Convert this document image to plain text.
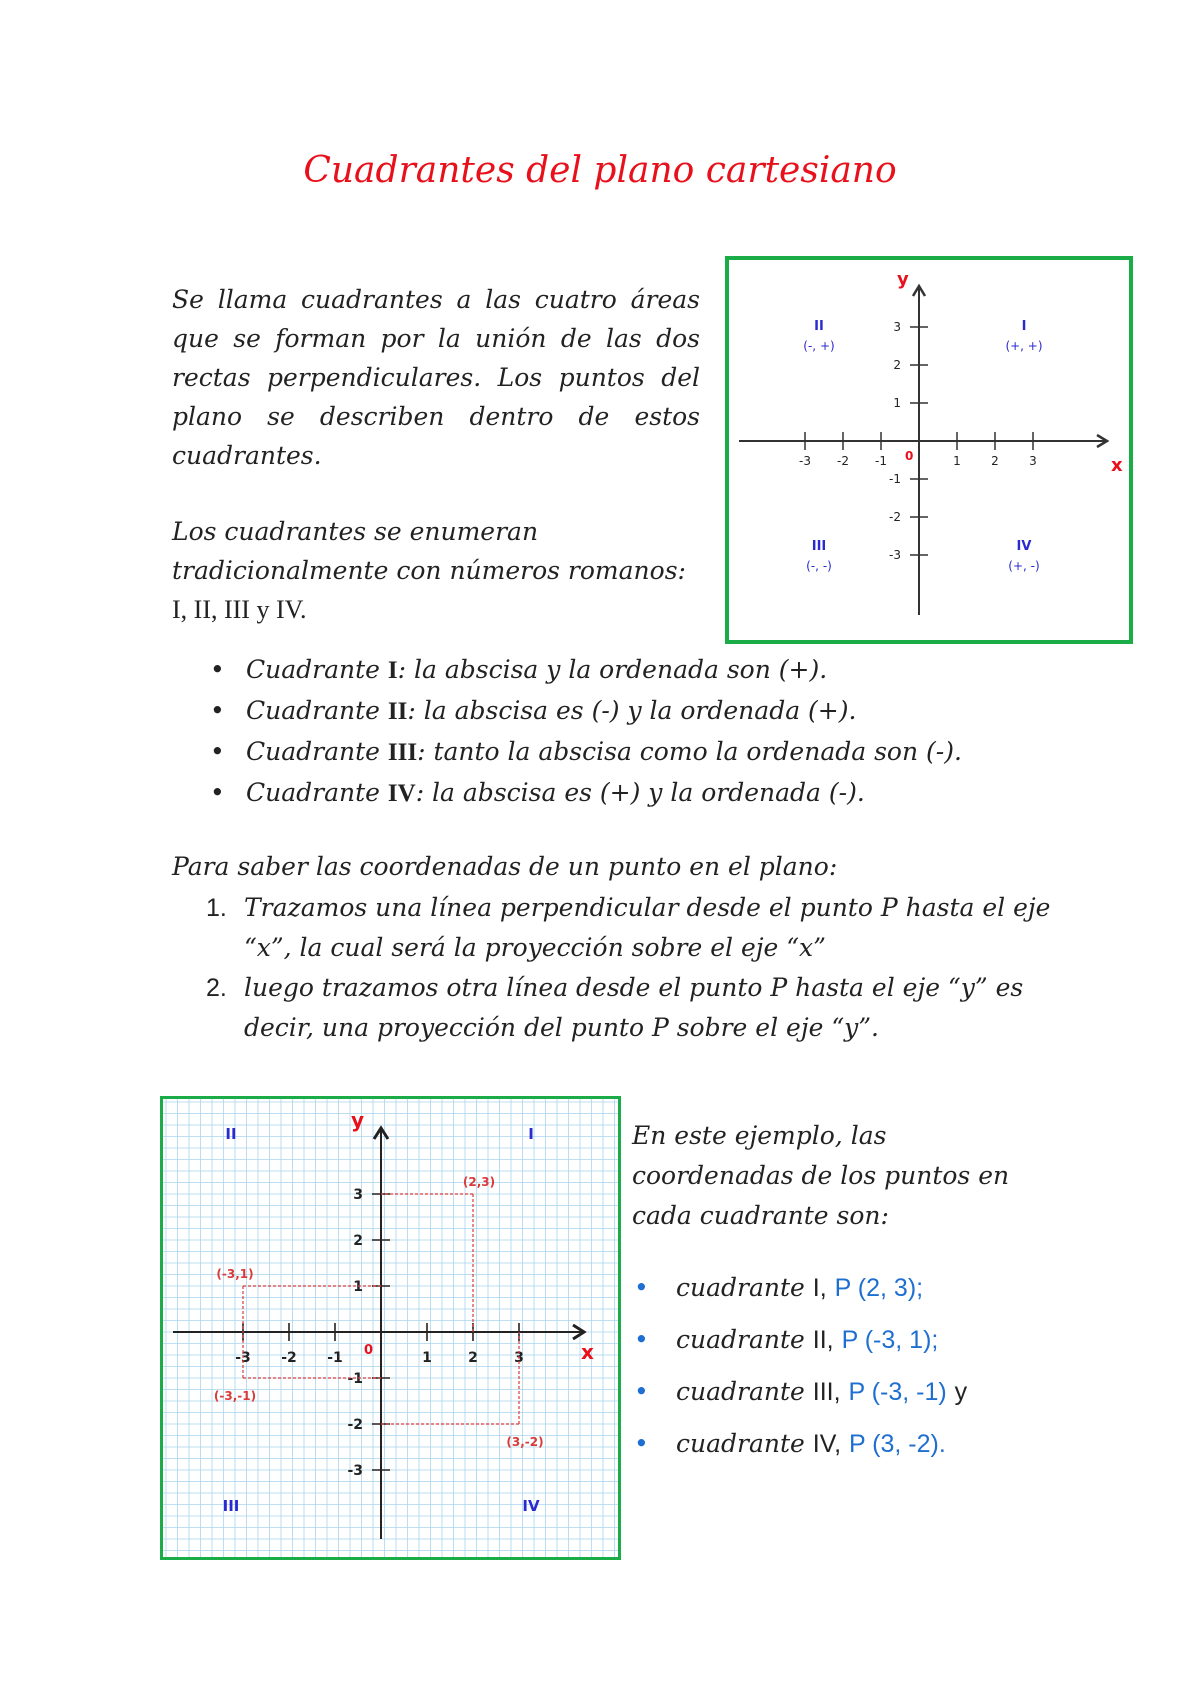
Cuadrantes del plano cartesiano
Se llama cuadrantes a las cuatro áreas que se forman por la unión de las dos rectas perpendiculares. Los puntos del plano se describen dentro de estos cuadrantes.
Los cuadrantes se enumeran tradicionalmente con números romanos: I, II, III y IV.
x
y
0
-3 -2 -1	1	2	3
3
2
1
-1
-2
-3
I
(+, +)
II
(-, +)
III
(-, -)
IV
(+, -)
• Cuadrante I: la abscisa y la ordenada son (+).
• Cuadrante II: la abscisa es (-) y la ordenada (+).
• Cuadrante III: tanto la abscisa como la ordenada son (-).
• Cuadrante IV: la abscisa es (+) y la ordenada (-).
Para saber las coordenadas de un punto en el plano:
1. Trazamos una línea perpendicular desde el punto P hasta el eje “x”, la cual será la proyección sobre el eje “x”
2. luego trazamos otra línea desde el punto P hasta el eje “y” es decir, una proyección del punto P sobre el eje “y”.
x
y
0
-3 -2 -1	1	2	3
3
2
1
-1
-2
-3
I
II
III	IV
(2,3)
(-3,1)
(-3,-1)
(3,-2)
En este ejemplo, las coordenadas de los puntos en cada cuadrante son:
• cuadrante I, P (2, 3);
• cuadrante II, P (-3, 1);
• cuadrante III, P (-3, -1) y
• cuadrante IV, P (3, -2).
